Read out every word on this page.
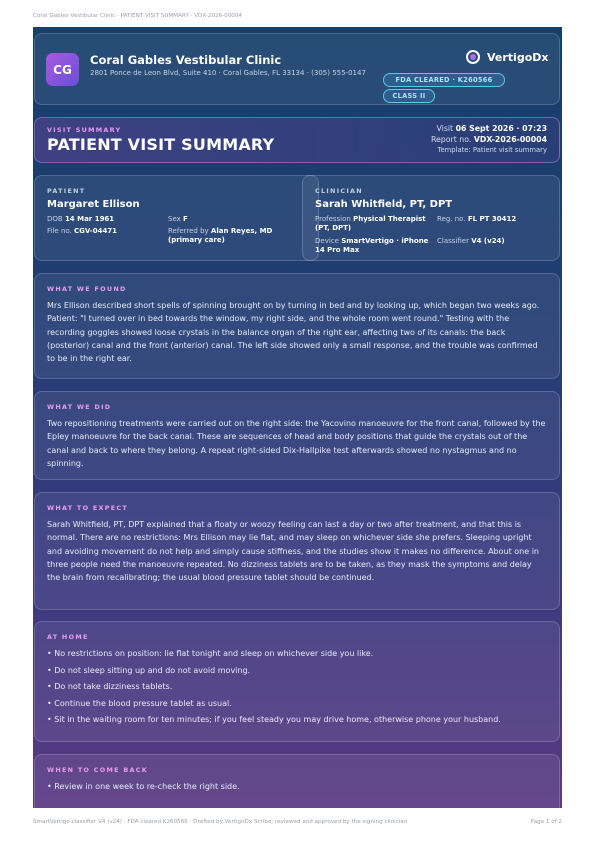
Coral Gables Vestibular Clinic · PATIENT VISIT SUMMARY · VDX-2026-00004
CG
Coral Gables Vestibular Clinic
2801 Ponce de Leon Blvd, Suite 410 · Coral Gables, FL 33134 · (305) 555-0147
VertigoDx
FDA CLEARED · K260566
CLASS II
VISIT SUMMARY
PATIENT VISIT SUMMARY
Visit 06 Sept 2026 · 07:23
Report no. VDX-2026-00004
Template: Patient visit summary
PATIENT
Margaret Ellison
DOB 14 Mar 1961	Sex F
File no. CGV-04471	Referred by Alan Reyes, MD (primary care)
CLINICIAN
Sarah Whitfield, PT, DPT
Profession Physical Therapist (PT, DPT)
Reg. no. FL PT 30412
Device SmartVertigo · iPhone 14 Pro Max
Classifier V4 (v24)
WHAT WE FOUND
Mrs Ellison described short spells of spinning brought on by turning in bed and by looking up, which began two weeks ago. Patient: "I turned over in bed towards the window, my right side, and the whole room went round." Testing with the recording goggles showed loose crystals in the balance organ of the right ear, affecting two of its canals: the back (posterior) canal and the front (anterior) canal. The left side showed only a small response, and the trouble was confirmed to be in the right ear.
WHAT WE DID
Two repositioning treatments were carried out on the right side: the Yacovino manoeuvre for the front canal, followed by the Epley manoeuvre for the back canal. These are sequences of head and body positions that guide the crystals out of the canal and back to where they belong. A repeat right-sided Dix-Hallpike test afterwards showed no nystagmus and no spinning.
WHAT TO EXPECT
Sarah Whitfield, PT, DPT explained that a floaty or woozy feeling can last a day or two after treatment, and that this is normal. There are no restrictions: Mrs Ellison may lie flat, and may sleep on whichever side she prefers. Sleeping upright and avoiding movement do not help and simply cause stiffness, and the studies show it makes no difference. About one in three people need the manoeuvre repeated. No dizziness tablets are to be taken, as they mask the symptoms and delay the brain from recalibrating; the usual blood pressure tablet should be continued.
AT HOME
• No restrictions on position: lie flat tonight and sleep on whichever side you like.
• Do not sleep sitting up and do not avoid moving.
• Do not take dizziness tablets.
• Continue the blood pressure tablet as usual.
• Sit in the waiting room for ten minutes; if you feel steady you may drive home, otherwise phone your husband.
WHEN TO COME BACK
• Review in one week to re-check the right side.
SmartVertigo classifier V4 (v24) · FDA cleared K260566 · Drafted by VertigoDx Scribe; reviewed and approved by the signing clinician	Page 1 of 2
